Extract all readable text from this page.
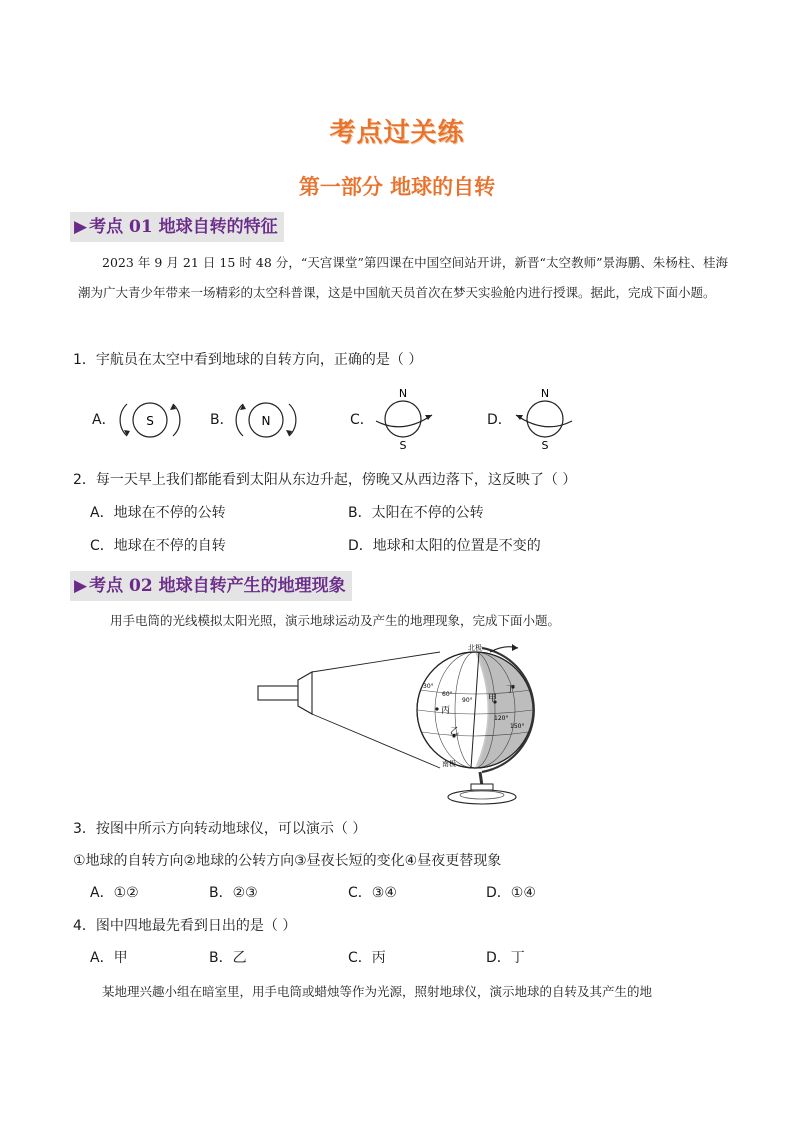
考点过关练
第一部分 地球的自转
▶ 考点 01 地球自转的特征
2023 年 9 月 21 日 15 时 48 分，“天宫课堂”第四课在中国空间站开讲，新晋“太空教师”景海鹏、朱杨柱、桂海潮为广大青少年带来一场精彩的太空科普课，这是中国航天员首次在梦天实验舱内进行授课。据此，完成下面小题。
1．宇航员在太空中看到地球的自转方向，正确的是（ ）
A．	S	B． N	C．
N
S
D．
N
S
2．每一天早上我们都能看到太阳从东边升起，傍晚又从西边落下，这反映了（ ）
A．地球在不停的公转	B．太阳在不停的公转
C．地球在不停的自转	D．地球和太阳的位置是不变的
▶ 考点 02 地球自转产生的地理现象
用手电筒的光线模拟太阳光照，演示地球运动及产生的地理现象，完成下面小题。
北极
南极
30°
60°
90°
120°
150°
甲
乙
丙
丁
3．按图中所示方向转动地球仪，可以演示（ ）
①地球的自转方向②地球的公转方向③昼夜长短的变化④昼夜更替现象
A．①②	B．②③	C．③④	D．①④
4．图中四地最先看到日出的是（ ）
A．甲	B．乙	C．丙	D．丁
某地理兴趣小组在暗室里，用手电筒或蜡烛等作为光源，照射地球仪，演示地球的自转及其产生的地
